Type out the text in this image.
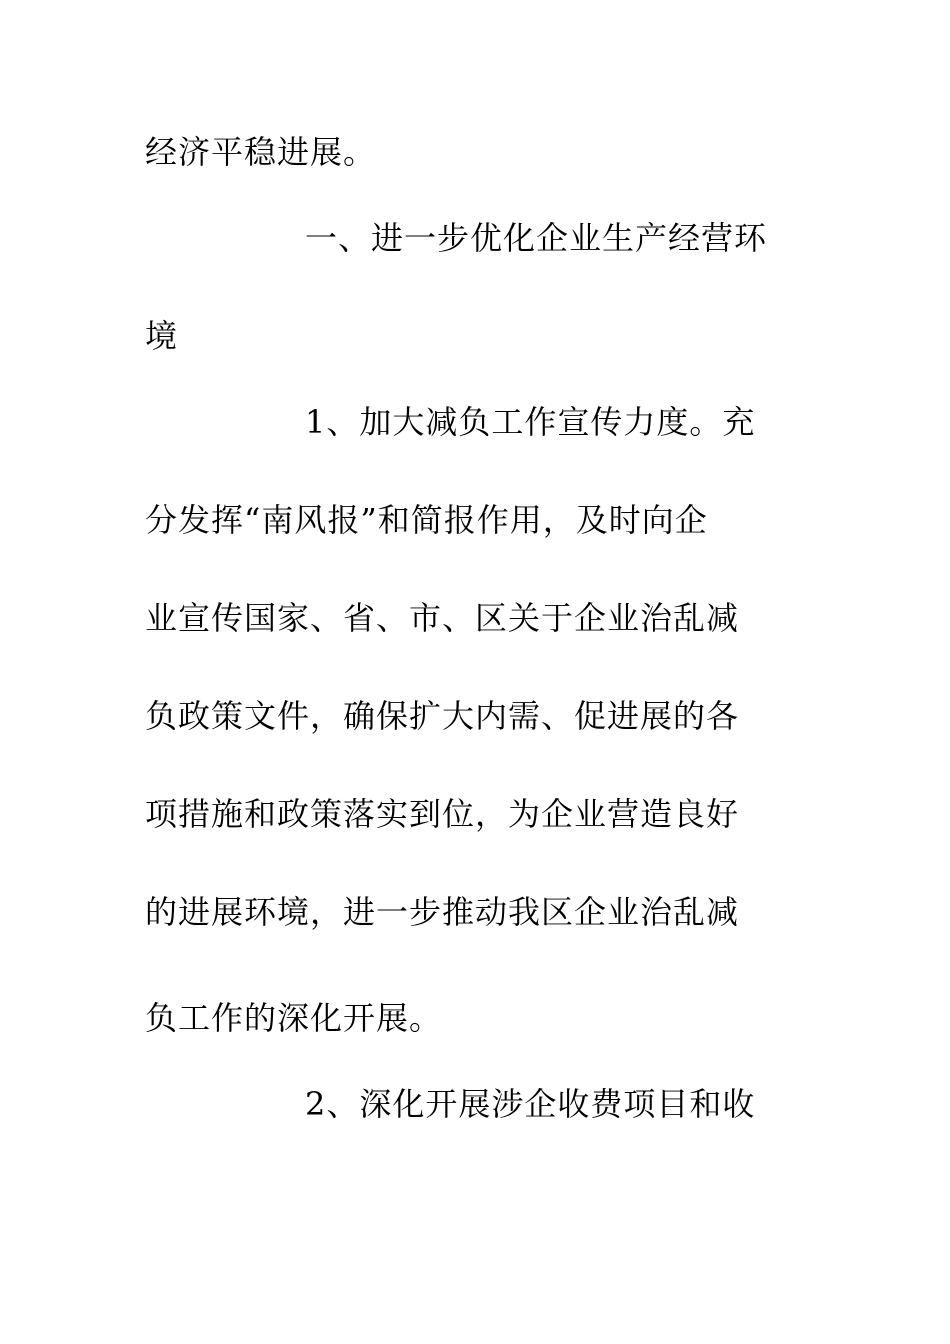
经济平稳进展。
一、进一步优化企业生产经营环
境
1、加大减负工作宣传力度。充
分发挥“南风报”和简报作用，及时向企
业宣传国家、省、市、区关于企业治乱减
负政策文件，确保扩大内需、促进展的各
项措施和政策落实到位，为企业营造良好
的进展环境，进一步推动我区企业治乱减
负工作的深化开展。
2、深化开展涉企收费项目和收
